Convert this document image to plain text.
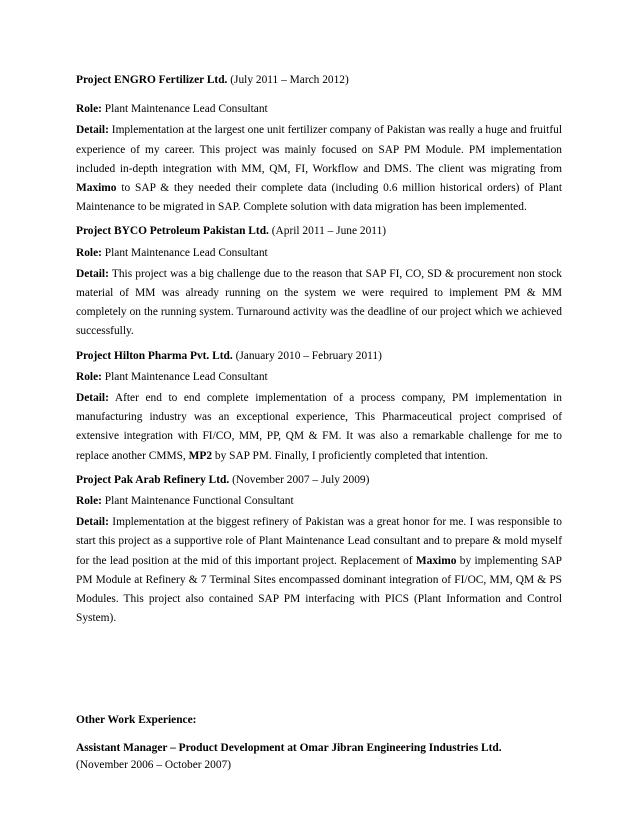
Project ENGRO Fertilizer Ltd. (July 2011 – March 2012)

Role: Plant Maintenance Lead Consultant

Detail: Implementation at the largest one unit fertilizer company of Pakistan was really a huge and fruitful experience of my career. This project was mainly focused on SAP PM Module. PM implementation included in-depth integration with MM, QM, FI, Workflow and DMS. The client was migrating from Maximo to SAP & they needed their complete data (including 0.6 million historical orders) of Plant Maintenance to be migrated in SAP. Complete solution with data migration has been implemented.

Project BYCO Petroleum Pakistan Ltd. (April 2011 – June 2011)

Role: Plant Maintenance Lead Consultant

Detail: This project was a big challenge due to the reason that SAP FI, CO, SD & procurement non stock material of MM was already running on the system we were required to implement PM & MM completely on the running system. Turnaround activity was the deadline of our project which we achieved successfully.

Project Hilton Pharma Pvt. Ltd. (January 2010 – February 2011)

Role: Plant Maintenance Lead Consultant

Detail: After end to end complete implementation of a process company, PM implementation in manufacturing industry was an exceptional experience, This Pharmaceutical project comprised of extensive integration with FI/CO, MM, PP, QM & FM. It was also a remarkable challenge for me to replace another CMMS, MP2 by SAP PM. Finally, I proficiently completed that intention.

Project Pak Arab Refinery Ltd. (November 2007 – July 2009)

Role: Plant Maintenance Functional Consultant

Detail: Implementation at the biggest refinery of Pakistan was a great honor for me. I was responsible to start this project as a supportive role of Plant Maintenance Lead consultant and to prepare & mold myself for the lead position at the mid of this important project. Replacement of Maximo by implementing SAP PM Module at Refinery & 7 Terminal Sites encompassed dominant integration of FI/OC, MM, QM & PS Modules. This project also contained SAP PM interfacing with PICS (Plant Information and Control System).

Other Work Experience:

Assistant Manager – Product Development at Omar Jibran Engineering Industries Ltd.

(November 2006 – October 2007)
